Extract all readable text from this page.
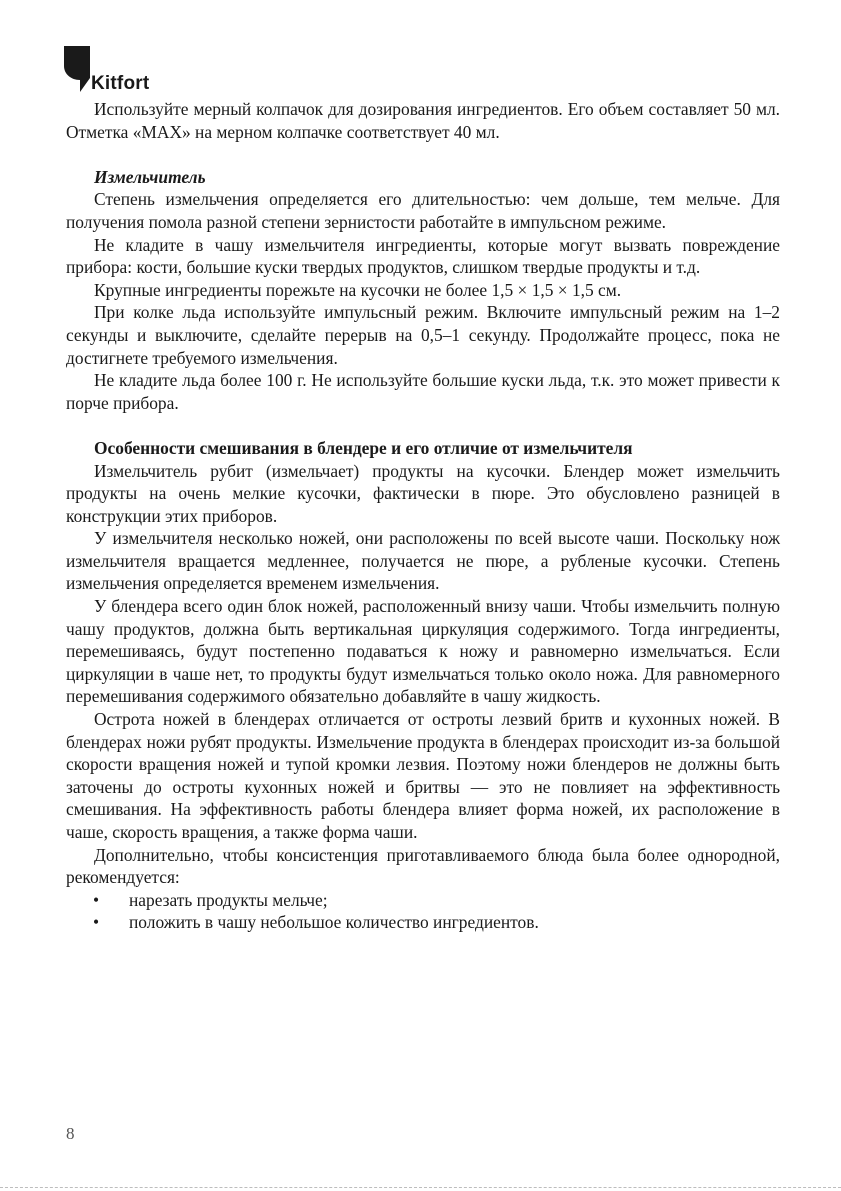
Kitfort

Используйте мерный колпачок для дозирования ингредиентов. Его объем составляет 50 мл. Отметка «MAX» на мерном колпачке соответствует 40 мл.

Измельчитель

Степень измельчения определяется его длительностью: чем дольше, тем мельче. Для получения помола разной степени зернистости работайте в импульсном режиме.

Не кладите в чашу измельчителя ингредиенты, которые могут вызвать повреждение прибора: кости, большие куски твердых продуктов, слишком твердые продукты и т.д.

Крупные ингредиенты порежьте на кусочки не более 1,5 × 1,5 × 1,5 см.

При колке льда используйте импульсный режим. Включите импульсный режим на 1–2 секунды и выключите, сделайте перерыв на 0,5–1 секунду. Продолжайте процесс, пока не достигнете требуемого измельчения.

Не кладите льда более 100 г. Не используйте большие куски льда, т.к. это может привести к порче прибора.

Особенности смешивания в блендере и его отличие от измельчителя

Измельчитель рубит (измельчает) продукты на кусочки. Блендер может измельчить продукты на очень мелкие кусочки, фактически в пюре. Это обусловлено разницей в конструкции этих приборов.

У измельчителя несколько ножей, они расположены по всей высоте чаши. Поскольку нож измельчителя вращается медленнее, получается не пюре, а рубленые кусочки. Степень измельчения определяется временем измельчения.

У блендера всего один блок ножей, расположенный внизу чаши. Чтобы измельчить полную чашу продуктов, должна быть вертикальная циркуляция содержимого. Тогда ингредиенты, перемешиваясь, будут постепенно подаваться к ножу и равномерно измельчаться. Если циркуляции в чаше нет, то продукты будут измельчаться только около ножа. Для равномерного перемешивания содержимого обязательно добавляйте в чашу жидкость.

Острота ножей в блендерах отличается от остроты лезвий бритв и кухонных ножей. В блендерах ножи рубят продукты. Измельчение продукта в блендерах происходит из-за большой скорости вращения ножей и тупой кромки лезвия. Поэтому ножи блендеров не должны быть заточены до остроты кухонных ножей и бритвы — это не повлияет на эффективность смешивания. На эффективность работы блендера влияет форма ножей, их расположение в чаше, скорость вращения, а также форма чаши.

Дополнительно, чтобы консистенция приготавливаемого блюда была более однородной, рекомендуется:

• нарезать продукты мельче;
• положить в чашу небольшое количество ингредиентов.
8
